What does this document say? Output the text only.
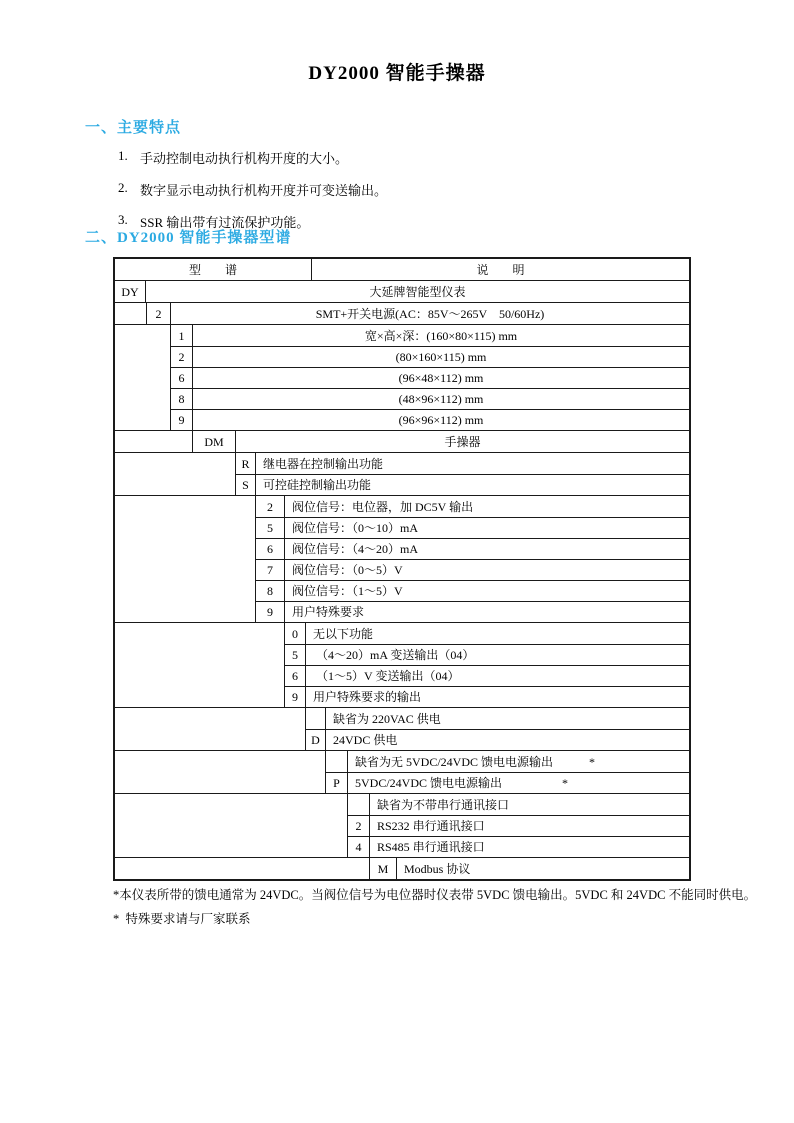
DY2000 智能手操器
一、主要特点
1. 手动控制电动执行机构开度的大小。
2. 数字显示电动执行机构开度并可变送输出。
3. SSR 输出带有过流保护功能。
二、DY2000 智能手操器型谱
型　　谱	说　　明
DY	大延牌智能型仪表
2	SMT+开关电源(AC：85V～265V　50/60Hz)
1	宽×高×深：(160×80×115) mm
2	(80×160×115) mm
6	(96×48×112) mm
8	(48×96×112) mm
9	(96×96×112) mm
DM	手操器
R	继电器在控制输出功能
S	可控硅控制输出功能
2	阀位信号：电位器，加 DC5V 输出
5	阀位信号：（0～10）mA
6	阀位信号：（4～20）mA
7	阀位信号：（0～5）V
8	阀位信号：（1～5）V
9	用户特殊要求
0	无以下功能
5	（4～20）mA 变送输出（04）
6	（1～5）V 变送输出（04）
9	用户特殊要求的输出
缺省为 220VAC 供电
D	24VDC 供电
缺省为无 5VDC/24VDC 馈电电源输出　　　*
P	5VDC/24VDC 馈电电源输出　　　　　*
缺省为不带串行通讯接口
2	RS232 串行通讯接口
4	RS485 串行通讯接口
M	Modbus 协议
*本仪表所带的馈电通常为 24VDC。当阀位信号为电位器时仪表带 5VDC 馈电输出。5VDC 和 24VDC 不能同时供电。
*  特殊要求请与厂家联系
